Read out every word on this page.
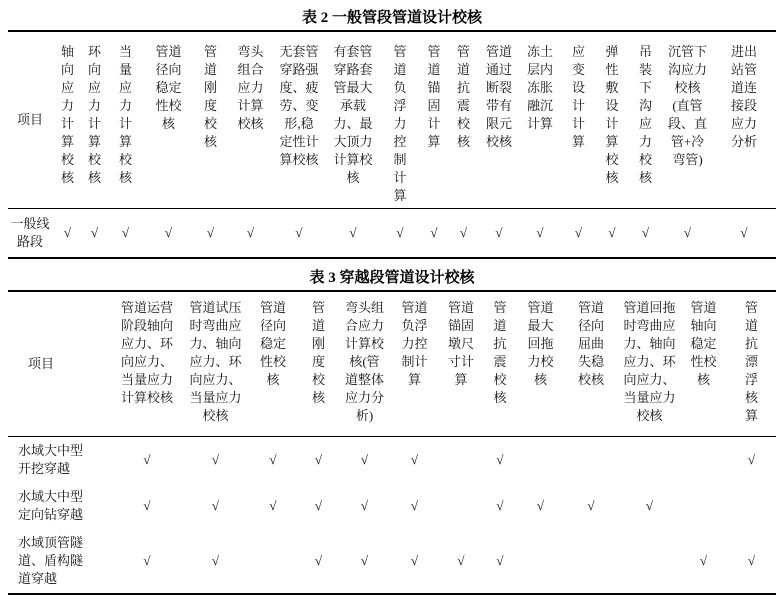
表 2 一般管段管道设计校核
项目	轴向应力计算校核	环向应力计算校核	当量应力计算校核	管道径向稳定性校核	管道刚度校核	弯头组合应力计算校核	无套管穿路强度、疲劳、变形,稳定性计算校核	有套管穿路套管最大承载力、最大顶力计算校核	管道负浮力控制计算	管道锚固计算	管道抗震校核	管道通过断裂带有限元校核	冻土层内冻胀融沉计算	应变设计计算	弹性敷设计算校核	吊装下沟应力校核	沉管下沟应力校核(直管段、直管+冷弯管)	进出站管道连接段应力分析
一般线路段	√	√	√	√	√	√	√	√	√	√	√	√	√	√	√	√	√	√
表 3 穿越段管道设计校核
项目	管道运营阶段轴向应力、环向应力、当量应力计算校核	管道试压时弯曲应力、轴向应力、环向应力、当量应力校核	管道径向稳定性校核	管道刚度校核	弯头组合应力计算校核(管道整体应力分析)	管道负浮力控制计算	管道锚固墩尺寸计算	管道抗震校核	管道最大回拖力校核	管道径向屈曲失稳校核	管道回拖时弯曲应力、轴向应力、环向应力、当量应力校核	管道轴向稳定性校核	管道抗漂浮核算
水域大中型开挖穿越	√	√	√	√	√	√		√					√
水域大中型定向钻穿越	√	√	√	√	√	√		√	√	√	√		
水域顶管隧道、盾构隧道穿越	√	√		√	√	√	√	√				√	√
